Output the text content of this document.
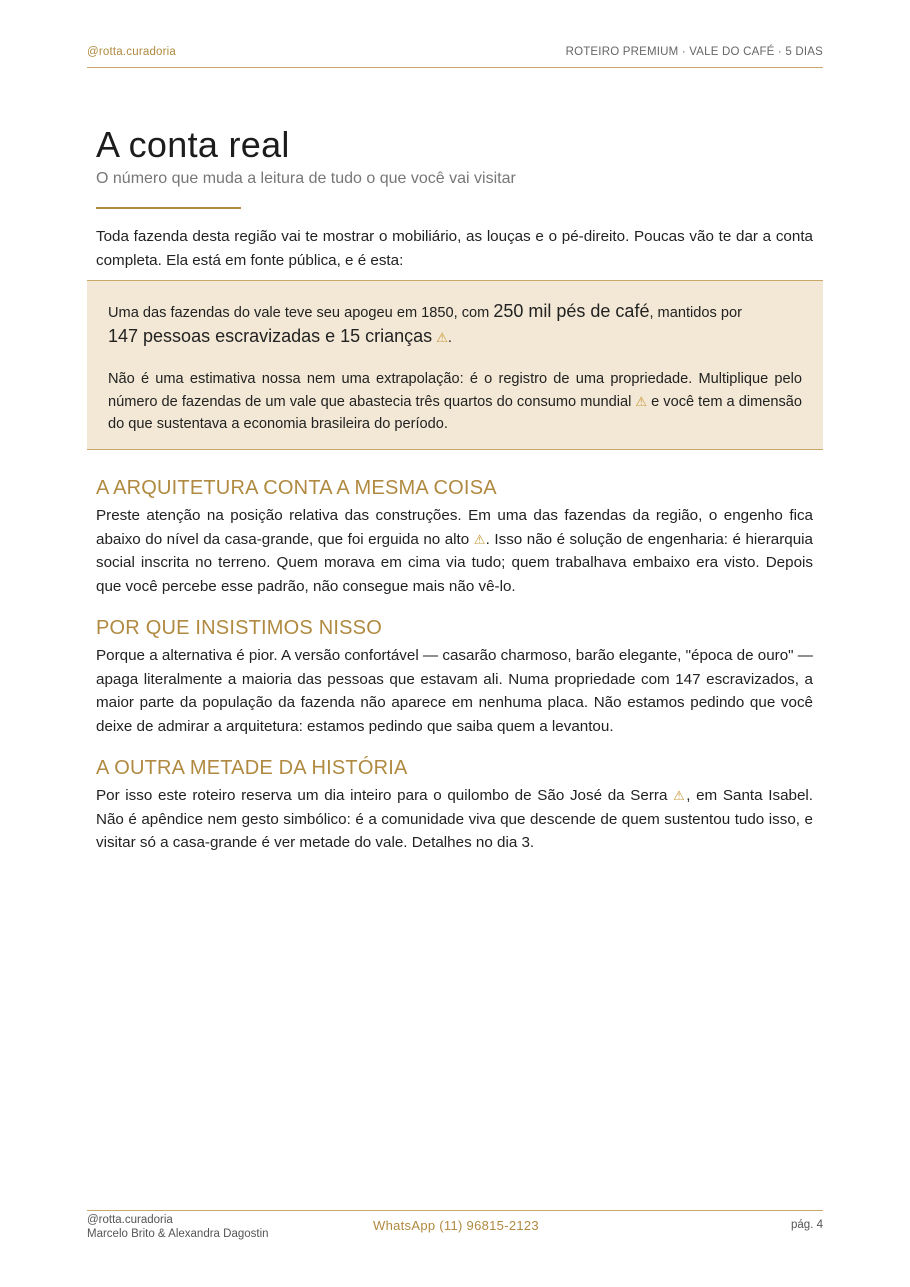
@rotta.curadoria	ROTEIRO PREMIUM · VALE DO CAFÉ · 5 DIAS
A conta real
O número que muda a leitura de tudo o que você vai visitar

Toda fazenda desta região vai te mostrar o mobiliário, as louças e o pé-direito. Poucas vão te dar a conta completa. Ela está em fonte pública, e é esta:

Uma das fazendas do vale teve seu apogeu em 1850, com 250 mil pés de café, mantidos por
147 pessoas escravizadas e 15 crianças ⚠.

Não é uma estimativa nossa nem uma extrapolação: é o registro de uma propriedade. Multiplique pelo número de fazendas de um vale que abastecia três quartos do consumo mundial ⚠ e você tem a dimensão do que sustentava a economia brasileira do período.

A ARQUITETURA CONTA A MESMA COISA

Preste atenção na posição relativa das construções. Em uma das fazendas da região, o engenho fica abaixo do nível da casa-grande, que foi erguida no alto ⚠. Isso não é solução de engenharia: é hierarquia social inscrita no terreno. Quem morava em cima via tudo; quem trabalhava embaixo era visto. Depois que você percebe esse padrão, não consegue mais não vê-lo.

POR QUE INSISTIMOS NISSO

Porque a alternativa é pior. A versão confortável — casarão charmoso, barão elegante, "época de ouro" — apaga literalmente a maioria das pessoas que estavam ali. Numa propriedade com 147 escravizados, a maior parte da população da fazenda não aparece em nenhuma placa. Não estamos pedindo que você deixe de admirar a arquitetura: estamos pedindo que saiba quem a levantou.

A OUTRA METADE DA HISTÓRIA

Por isso este roteiro reserva um dia inteiro para o quilombo de São José da Serra ⚠, em Santa Isabel. Não é apêndice nem gesto simbólico: é a comunidade viva que descende de quem sustentou tudo isso, e visitar só a casa-grande é ver metade do vale. Detalhes no dia 3.

@rotta.curadoria
Marcelo Brito & Alexandra Dagostin
WhatsApp (11) 96815-2123	pág. 4
